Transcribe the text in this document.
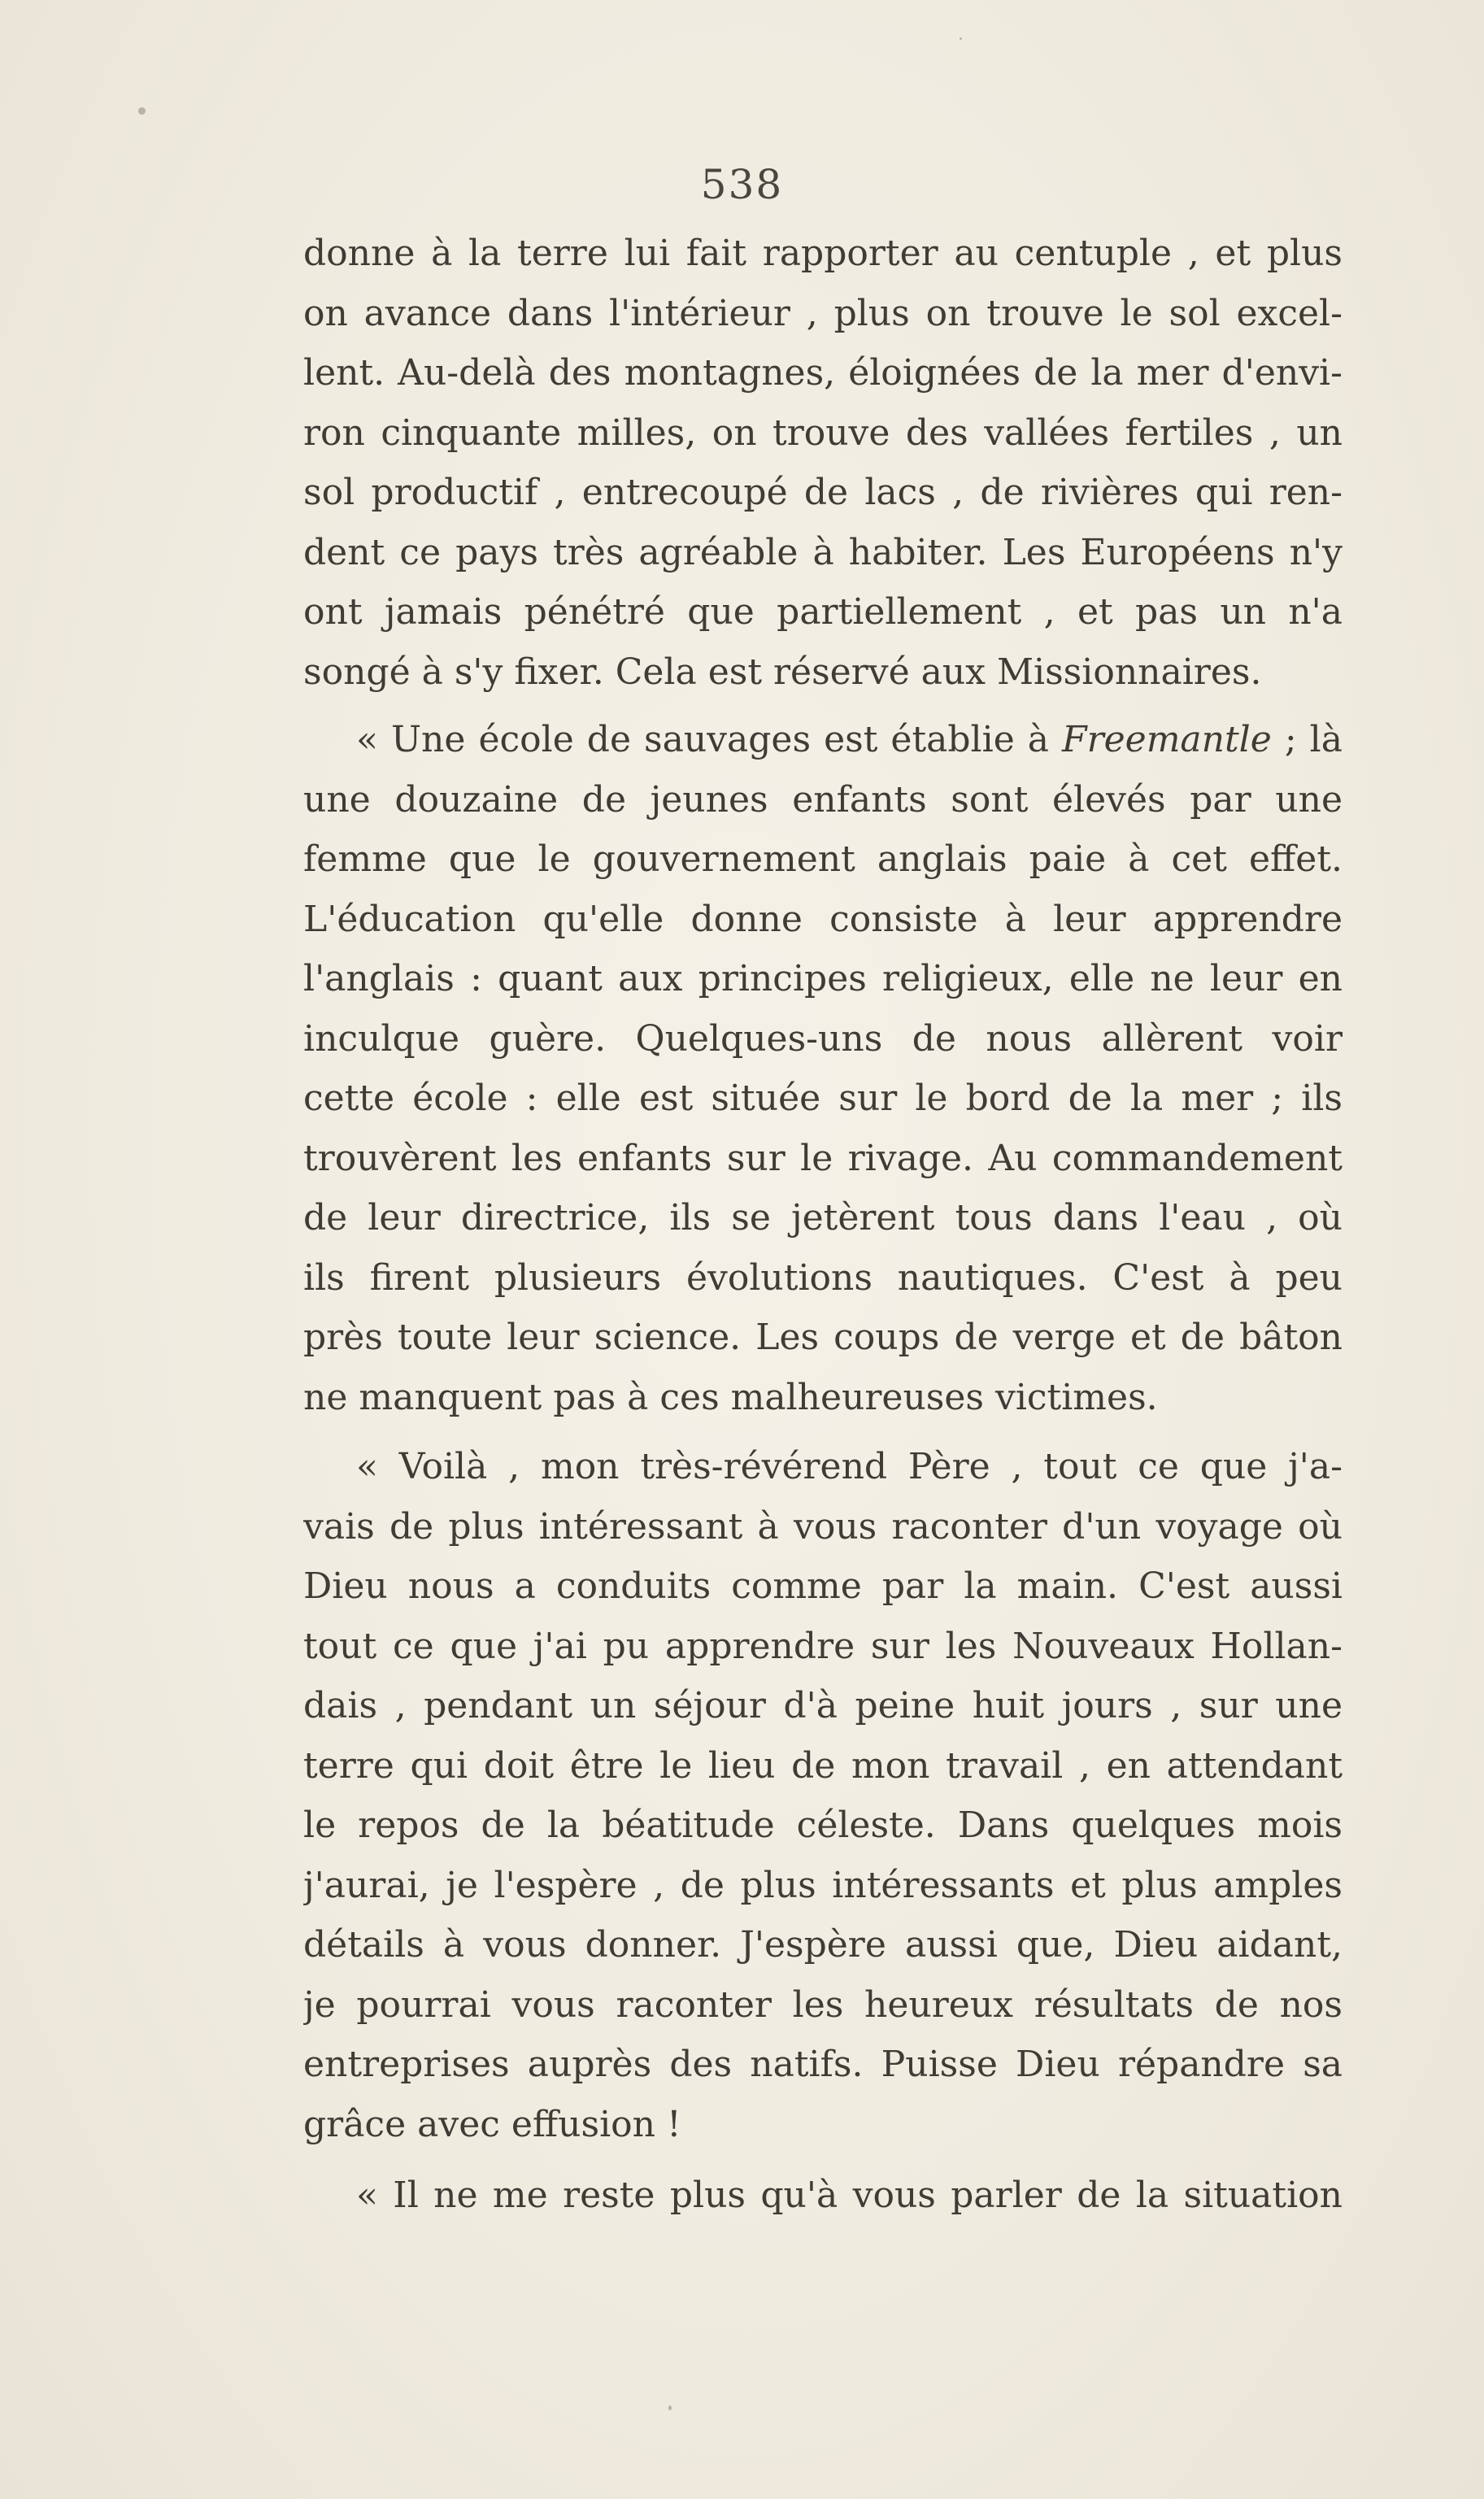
538
donne à la terre lui fait rapporter au centuple , et plus
on avance dans l'intérieur , plus on trouve le sol excel-
lent. Au-delà des montagnes, éloignées de la mer d'envi-
ron cinquante milles, on trouve des vallées fertiles , un
sol productif , entrecoupé de lacs , de rivières qui ren-
dent ce pays très agréable à habiter. Les Européens n'y
ont jamais pénétré que partiellement , et pas un n'a
songé à s'y fixer. Cela est réservé aux Missionnaires.
« Une école de sauvages est établie à Freemantle ; là
une douzaine de jeunes enfants sont élevés par une
femme que le gouvernement anglais paie à cet effet.
L'éducation qu'elle donne consiste à leur apprendre
l'anglais : quant aux principes religieux, elle ne leur en
inculque guère. Quelques-uns de nous allèrent voir
cette école : elle est située sur le bord de la mer ; ils
trouvèrent les enfants sur le rivage. Au commandement
de leur directrice, ils se jetèrent tous dans l'eau , où
ils firent plusieurs évolutions nautiques. C'est à peu
près toute leur science. Les coups de verge et de bâton
ne manquent pas à ces malheureuses victimes.
« Voilà , mon très-révérend Père , tout ce que j'a-
vais de plus intéressant à vous raconter d'un voyage où
Dieu nous a conduits comme par la main. C'est aussi
tout ce que j'ai pu apprendre sur les Nouveaux Hollan-
dais , pendant un séjour d'à peine huit jours , sur une
terre qui doit être le lieu de mon travail , en attendant
le repos de la béatitude céleste. Dans quelques mois
j'aurai, je l'espère , de plus intéressants et plus amples
détails à vous donner. J'espère aussi que, Dieu aidant,
je pourrai vous raconter les heureux résultats de nos
entreprises auprès des natifs. Puisse Dieu répandre sa
grâce avec effusion !
« Il ne me reste plus qu'à vous parler de la situation
